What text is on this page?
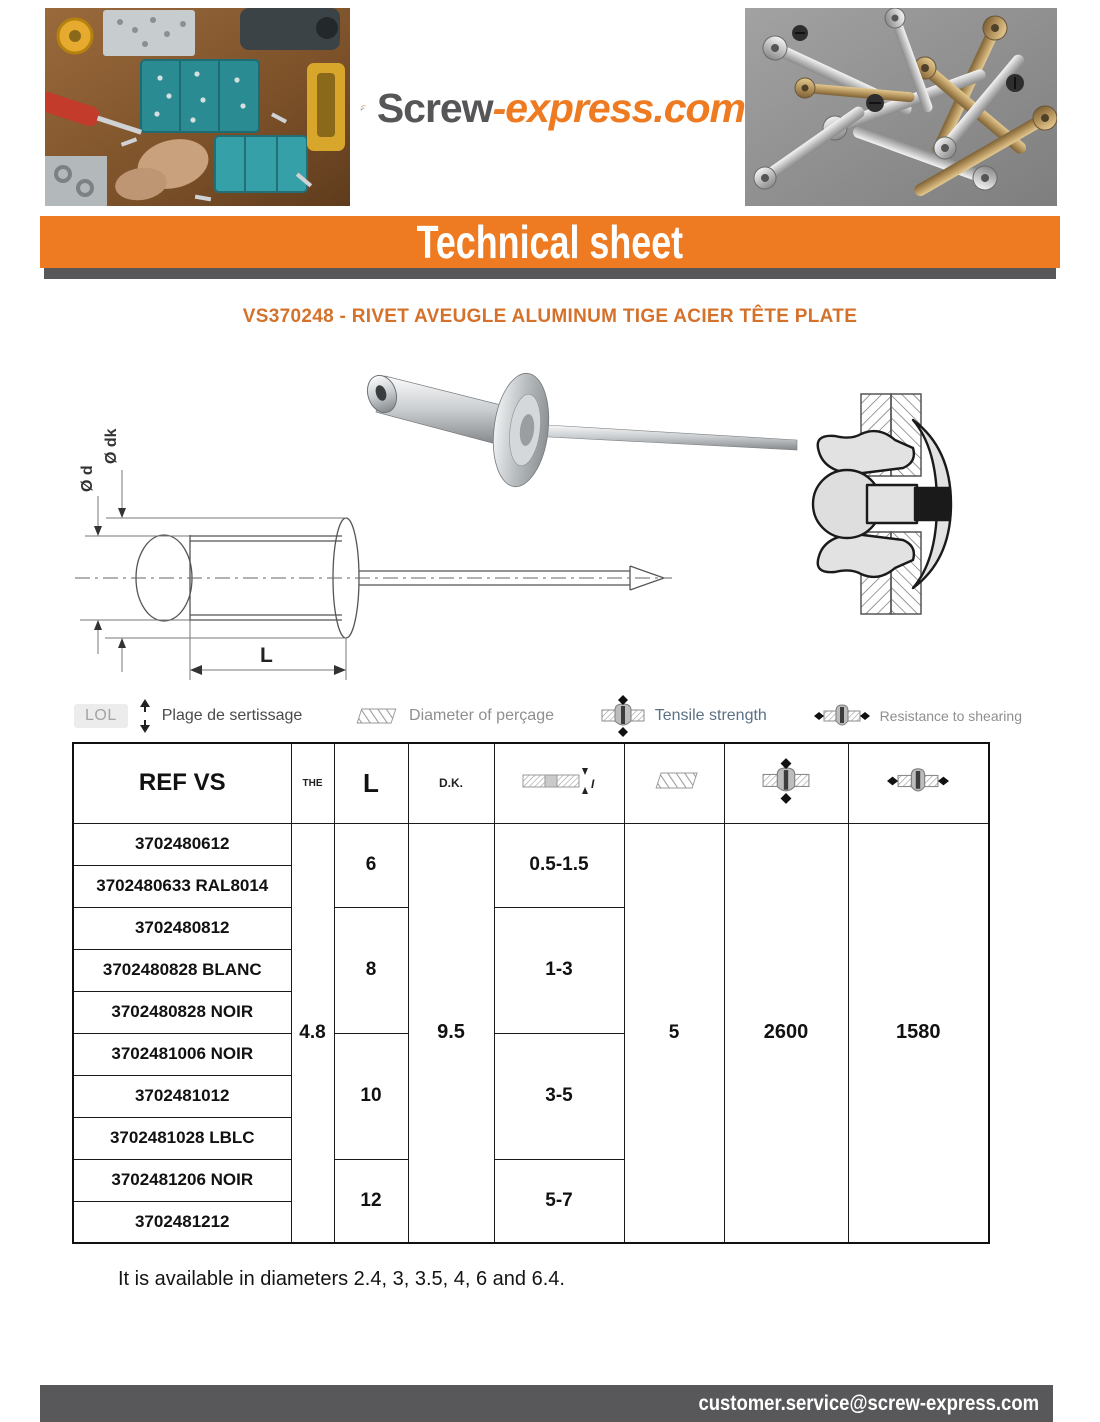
Screw-express.com
Technical sheet
VS370248 - RIVET AVEUGLE ALUMINUM TIGE ACIER TÊTE PLATE
Ø dk
Ø d
L
LOL	Plage de sertissage	Diameter of perçage	Tensile strength	Resistance to shearing
REF VS	THE	L	D.K.	I

3702480612	4.8	6	9.5	0.5-1.5	5	2600	1580
3702480633 RAL8014							
3702480812		8		1-3			
3702480828 BLANC							
3702480828 NOIR							
3702481006 NOIR		10		3-5			
3702481012							
3702481028 LBLC							
3702481206 NOIR		12		5-7			
3702481212							

It is available in diameters 2.4, 3, 3.5, 4, 6 and 6.4.

customer.service@screw-express.com
